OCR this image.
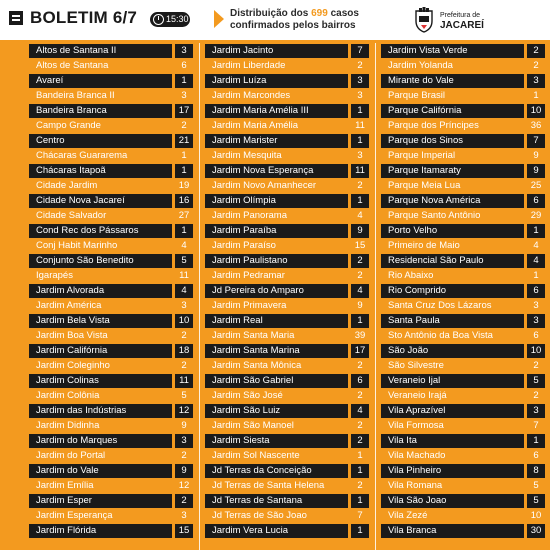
BOLETIM 6/7	15:30	Distribuição dos 699 casos confirmados pelos bairros
Prefeitura de
JACAREÍ
Altos de Santana II	3
Altos de Santana	6
Avareí	1
Bandeira Branca II	3
Bandeira Branca	17
Campo Grande	2
Centro	21
Chácaras Guararema	1
Chácaras Itapoã	1
Cidade Jardim	19
Cidade Nova Jacareí	16
Cidade Salvador	27
Cond Rec dos Pássaros	1
Conj Habit Marinho	4
Conjunto São Benedito	5
Igarapés	11
Jardim Alvorada	4
Jardim América	3
Jardim Bela Vista	10
Jardim Boa Vista	2
Jardim Califórnia	18
Jardim Coleginho	2
Jardim Colinas	11
Jardim Colônia	5
Jardim das Indústrias	12
Jardim Didinha	9
Jardim do Marques	3
Jardim do Portal	2
Jardim do Vale	9
Jardim Emília	12
Jardim Esper	2
Jardim Esperança	3
Jardim Flórida	15
Jardim Jacinto	7
Jardim Liberdade	2
Jardim Luíza	3
Jardim Marcondes	3
Jardim Maria Amélia III	1
Jardim Maria Amélia	11
Jardim Marister	1
Jardim Mesquita	3
Jardim Nova Esperança	11
Jardim Novo Amanhecer	2
Jardim Olímpia	1
Jardim Panorama	4
Jardim Paraíba	9
Jardim Paraíso	15
Jardim Paulistano	2
Jardim Pedramar	2
Jd Pereira do Amparo	4
Jardim Primavera	9
Jardim Real	1
Jardim Santa Maria	39
Jardim Santa Marina	17
Jardim Santa Mônica	2
Jardim São Gabriel	6
Jardim São José	2
Jardim São Luiz	4
Jardim São Manoel	2
Jardim Siesta	2
Jardim Sol Nascente	1
Jd Terras da Conceição	1
Jd Terras de Santa Helena	2
Jd Terras de Santana	1
Jd Terras de São Joao	7
Jardim Vera Lucia	1
Jardim Vista Verde	2
Jardim Yolanda	2
Mirante do Vale	3
Parque Brasil	1
Parque Califórnia	10
Parque dos Príncipes	36
Parque dos Sinos	7
Parque Imperial	9
Parque Itamaraty	9
Parque Meia Lua	25
Parque Nova América	6
Parque Santo Antônio	29
Porto Velho	1
Primeiro de Maio	4
Residencial São Paulo	4
Rio Abaixo	1
Rio Comprido	6
Santa Cruz Dos Lázaros	3
Santa Paula	3
Sto Antônio da Boa Vista	6
São João	10
São Silvestre	2
Veraneio Ijal	5
Veraneio Irajá	2
Vila Aprazível	3
Vila Formosa	7
Vila Ita	1
Vila Machado	6
Vila Pinheiro	8
Vila Romana	5
Vila São Joao	5
Vila Zezé	10
Vila Branca	30
